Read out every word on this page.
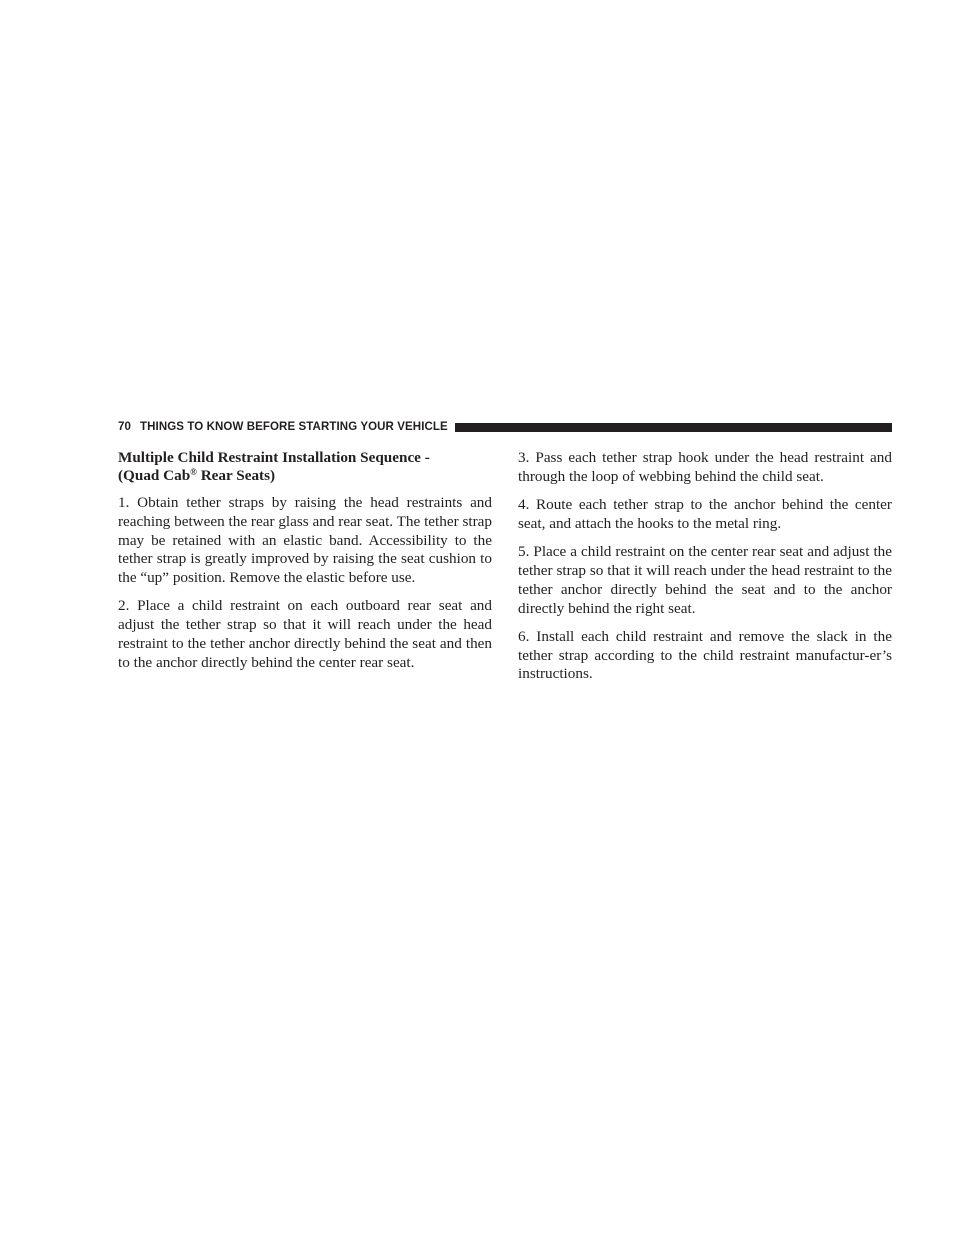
70 THINGS TO KNOW BEFORE STARTING YOUR VEHICLE
Multiple Child Restraint Installation Sequence -
(Quad Cab® Rear Seats)

1. Obtain tether straps by raising the head restraints and reaching between the rear glass and rear seat. The tether strap may be retained with an elastic band. Accessibility to the tether strap is greatly improved by raising the seat cushion to the “up” position. Remove the elastic before use.

2. Place a child restraint on each outboard rear seat and adjust the tether strap so that it will reach under the head restraint to the tether anchor directly behind the seat and then to the anchor directly behind the center rear seat.

3. Pass each tether strap hook under the head restraint and through the loop of webbing behind the child seat.

4. Route each tether strap to the anchor behind the center seat, and attach the hooks to the metal ring.

5. Place a child restraint on the center rear seat and adjust the tether strap so that it will reach under the head restraint to the tether anchor directly behind the seat and to the anchor directly behind the right seat.

6. Install each child restraint and remove the slack in the tether strap according to the child restraint manufactur-er’s instructions.
